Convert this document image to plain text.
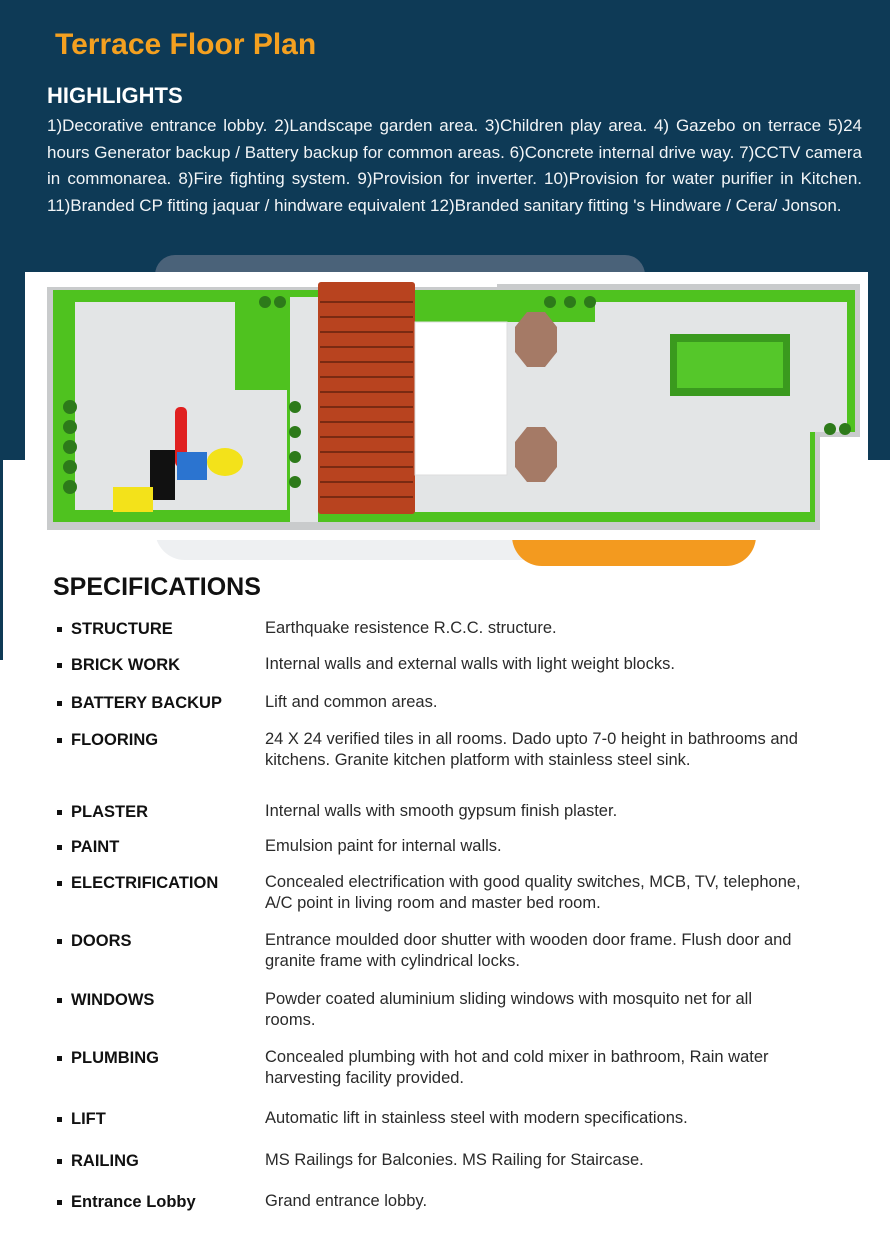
Terrace Floor Plan
HIGHLIGHTS
1)Decorative entrance lobby. 2)Landscape garden area. 3)Children play area. 4) Gazebo on terrace 5)24 hours Generator backup / Battery backup for common areas. 6)Concrete internal drive way. 7)CCTV camera in commonarea. 8)Fire fighting system. 9)Provision for inverter. 10)Provision for water purifier in Kitchen. 11)Branded CP fitting jaquar / hindware equivalent 12)Branded sanitary fitting 's Hindware / Cera/ Jonson.
SPECIFICATIONS
STRUCTURE	Earthquake resistence R.C.C. structure.
BRICK WORK	Internal walls and external walls with light weight blocks.
BATTERY BACKUP	Lift and common areas.
FLOORING	24 X 24 verified tiles in all rooms. Dado upto 7-0 height in bathrooms and kitchens. Granite kitchen platform with stainless steel sink.
PLASTER	Internal walls with smooth gypsum finish plaster.
PAINT	Emulsion paint for internal walls.
ELECTRIFICATION	Concealed electrification with good quality switches, MCB, TV, telephone, A/C point in living room and master bed room.
DOORS	Entrance moulded door shutter with wooden door frame. Flush door and granite frame with cylindrical locks.
WINDOWS	Powder coated aluminium sliding windows with mosquito net for all rooms.
PLUMBING	Concealed plumbing with hot and cold mixer in bathroom, Rain water harvesting facility provided.
LIFT	Automatic lift in stainless steel with modern specifications.
RAILING	MS Railings for Balconies. MS Railing for Staircase.
Entrance Lobby	Grand entrance lobby.
